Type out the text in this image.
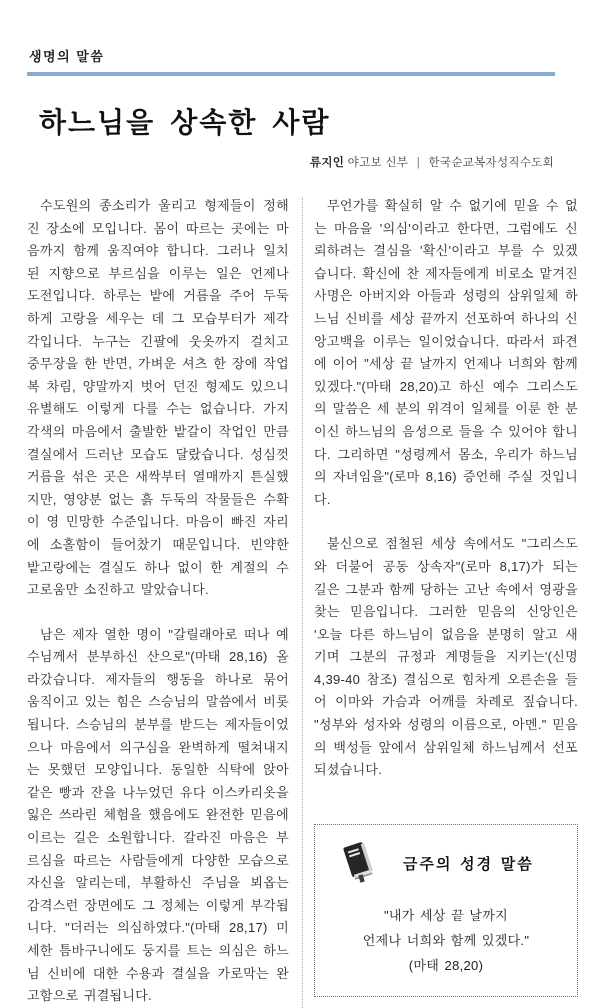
생명의 말씀
하느님을 상속한 사람
류지인 야고보 신부 | 한국순교복자성직수도회

수도원의 종소리가 울리고 형제들이 정해진 장소에 모입니다. 몸이 따르는 곳에는 마음까지 함께 움직여야 합니다. 그러나 일치된 지향으로 부르심을 이루는 일은 언제나 도전입니다. 하루는 밭에 거름을 주어 두둑하게 고랑을 세우는 데 그 모습부터가 제각각입니다. 누구는 긴팔에 웃옷까지 걸치고 중무장을 한 반면, 가벼운 셔츠 한 장에 작업복 차림, 양말까지 벗어 던진 형제도 있으니 유별해도 이렇게 다를 수는 없습니다. 가지각색의 마음에서 출발한 밭갈이 작업인 만큼 결실에서 드러난 모습도 달랐습니다. 성심껏 거름을 섞은 곳은 새싹부터 열매까지 튼실했지만, 영양분 없는 흙 두둑의 작물들은 수확이 영 민망한 수준입니다. 마음이 빠진 자리에 소홀함이 들어찼기 때문입니다. 빈약한 밭고랑에는 결실도 하나 없이 한 계절의 수고로움만 소진하고 말았습니다.

남은 제자 열한 명이 "갈릴래아로 떠나 예수님께서 분부하신 산으로"(마태 28,16) 올라갔습니다. 제자들의 행동을 하나로 묶어 움직이고 있는 힘은 스승님의 말씀에서 비롯됩니다. 스승님의 분부를 받드는 제자들이었으나 마음에서 의구심을 완벽하게 떨쳐내지는 못했던 모양입니다. 동일한 식탁에 앉아 같은 빵과 잔을 나누었던 유다 이스카리옷을 잃은 쓰라린 체험을 했음에도 완전한 믿음에 이르는 길은 소원합니다. 갈라진 마음은 부르심을 따르는 사람들에게 다양한 모습으로 자신을 알리는데, 부활하신 주님을 뵈옵는 감격스런 장면에도 그 정체는 이렇게 부각됩니다. "더러는 의심하였다."(마태 28,17) 미세한 틈바구니에도 둥지를 트는 의심은 하느님 신비에 대한 수용과 결실을 가로막는 완고함으로 귀결됩니다.

무언가를 확실히 알 수 없기에 믿을 수 없는 마음을 '의심'이라고 한다면, 그럼에도 신뢰하려는 결심을 '확신'이라고 부를 수 있겠습니다. 확신에 찬 제자들에게 비로소 맡겨진 사명은 아버지와 아들과 성령의 삼위일체 하느님 신비를 세상 끝까지 선포하여 하나의 신앙고백을 이루는 일이었습니다. 따라서 파견에 이어 "세상 끝 날까지 언제나 너희와 함께 있겠다."(마태 28,20)고 하신 예수 그리스도의 말씀은 세 분의 위격이 일체를 이룬 한 분이신 하느님의 음성으로 들을 수 있어야 합니다. 그리하면 "성령께서 몸소, 우리가 하느님의 자녀임을"(로마 8,16) 증언해 주실 것입니다.

불신으로 점철된 세상 속에서도 "그리스도와 더불어 공동 상속자"(로마 8,17)가 되는 길은 그분과 함께 당하는 고난 속에서 영광을 찾는 믿음입니다. 그러한 믿음의 신앙인은 '오늘 다른 하느님이 없음을 분명히 알고 새기며 그분의 규정과 계명들을 지키는'(신명 4,39-40 참조) 결심으로 힘차게 오른손을 들어 이마와 가슴과 어깨를 차례로 짚습니다. "성부와 성자와 성령의 이름으로, 아멘." 믿음의 백성들 앞에서 삼위일체 하느님께서 선포되셨습니다.

금주의 성경 말씀
"내가 세상 끝 날까지
언제나 너희와 함께 있겠다."
(마태 28,20)
